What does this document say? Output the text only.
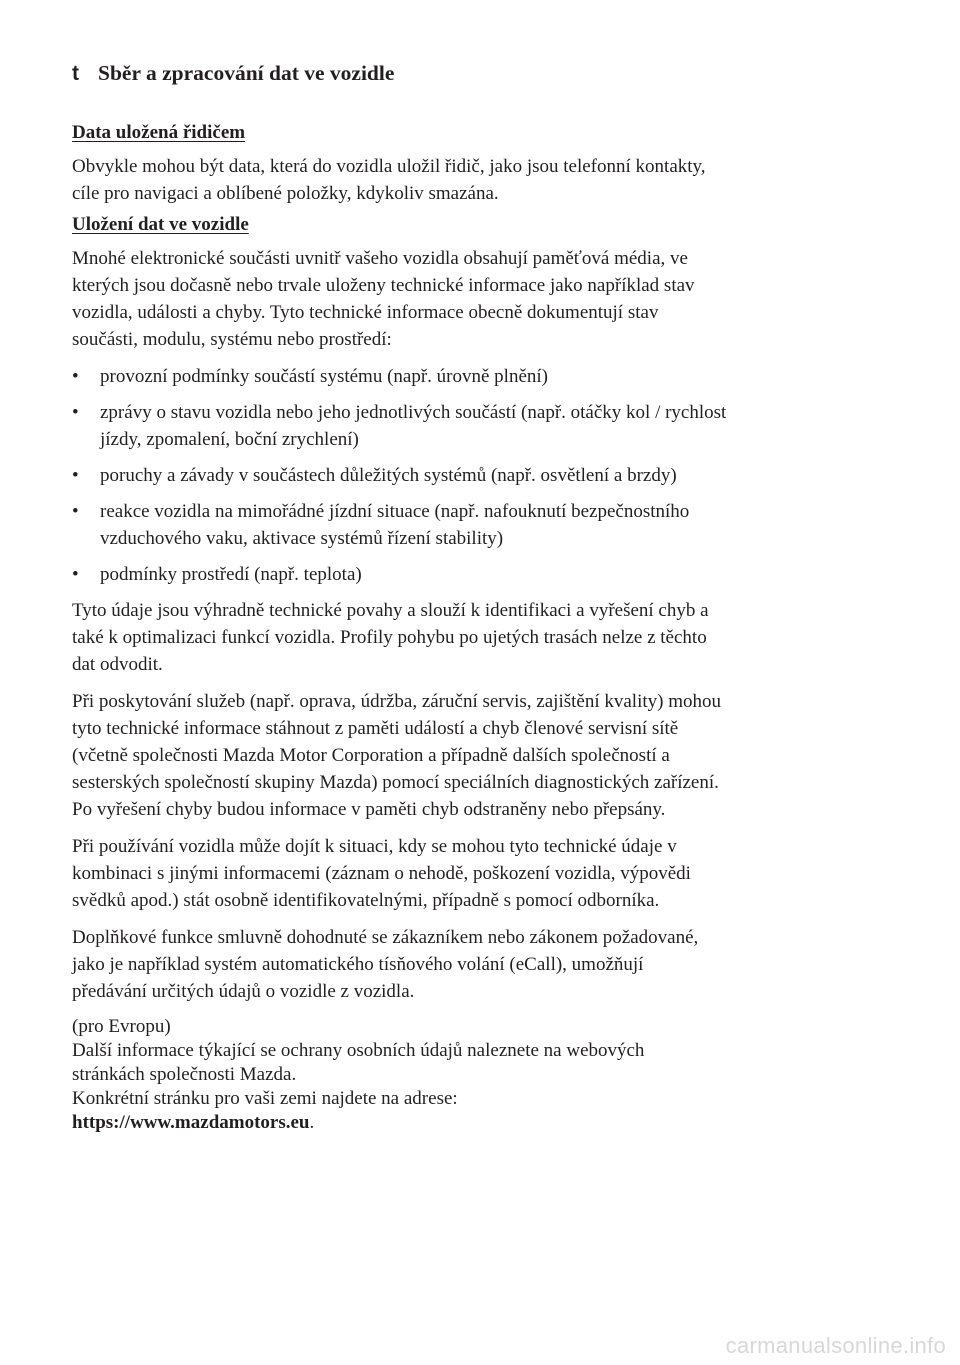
t Sběr a zpracování dat ve vozidle
Data uložená řidičem

Obvykle mohou být data, která do vozidla uložil řidič, jako jsou telefonní kontakty,
cíle pro navigaci a oblíbené položky, kdykoliv smazána.

Uložení dat ve vozidle

Mnohé elektronické součásti uvnitř vašeho vozidla obsahují paměťová média, ve
kterých jsou dočasně nebo trvale uloženy technické informace jako například stav
vozidla, události a chyby. Tyto technické informace obecně dokumentují stav
součásti, modulu, systému nebo prostředí:

• provozní podmínky součástí systému (např. úrovně plnění)
• zprávy o stavu vozidla nebo jeho jednotlivých součástí (např. otáčky kol / rychlost
jízdy, zpomalení, boční zrychlení)
• poruchy a závady v součástech důležitých systémů (např. osvětlení a brzdy)
• reakce vozidla na mimořádné jízdní situace (např. nafouknutí bezpečnostního
vzduchového vaku, aktivace systémů řízení stability)
• podmínky prostředí (např. teplota)

Tyto údaje jsou výhradně technické povahy a slouží k identifikaci a vyřešení chyb a
také k optimalizaci funkcí vozidla. Profily pohybu po ujetých trasách nelze z těchto
dat odvodit.

Při poskytování služeb (např. oprava, údržba, záruční servis, zajištění kvality) mohou
tyto technické informace stáhnout z paměti událostí a chyb členové servisní sítě
(včetně společnosti Mazda Motor Corporation a případně dalších společností a
sesterských společností skupiny Mazda) pomocí speciálních diagnostických zařízení.
Po vyřešení chyby budou informace v paměti chyb odstraněny nebo přepsány.

Při používání vozidla může dojít k situaci, kdy se mohou tyto technické údaje v
kombinaci s jinými informacemi (záznam o nehodě, poškození vozidla, výpovědi
svědků apod.) stát osobně identifikovatelnými, případně s pomocí odborníka.

Doplňkové funkce smluvně dohodnuté se zákazníkem nebo zákonem požadované,
jako je například systém automatického tísňového volání (eCall), umožňují
předávání určitých údajů o vozidle z vozidla.

(pro Evropu)
Další informace týkající se ochrany osobních údajů naleznete na webových
stránkách společnosti Mazda.
Konkrétní stránku pro vaši zemi najdete na adrese:
https://www.mazdamotors.eu.
carmanualsonline.info
